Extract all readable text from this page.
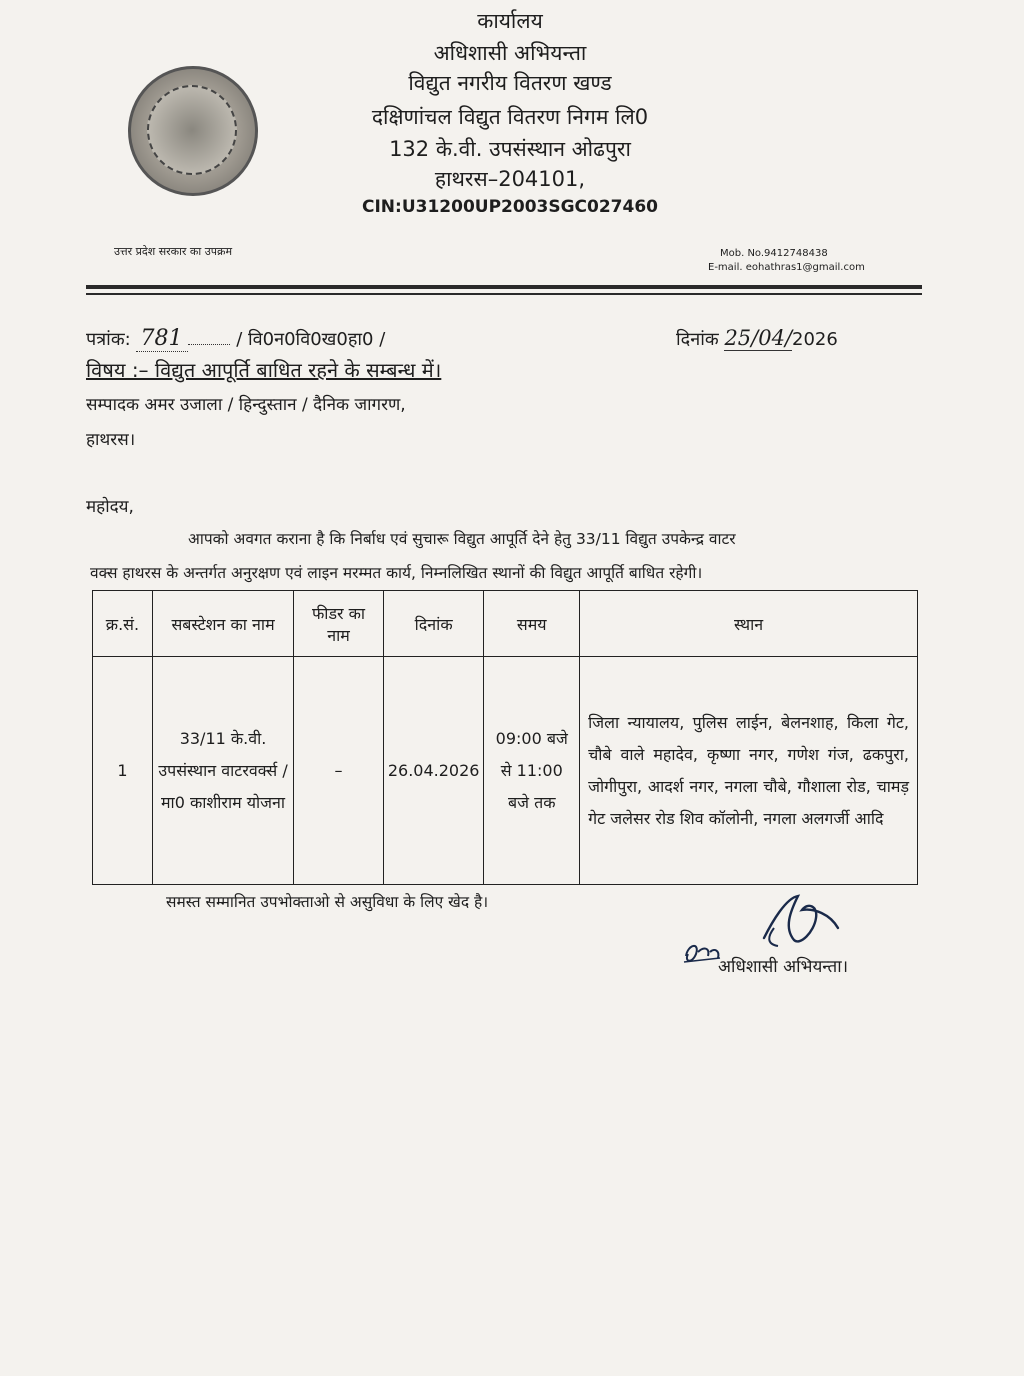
कार्यालय
अधिशासी अभियन्ता
विद्युत नगरीय वितरण खण्ड
दक्षिणांचल विद्युत वितरण निगम लि0
132 के.वी. उपसंस्थान ओढपुरा
हाथरस–204101,
CIN:U31200UP2003SGC027460
उत्तर प्रदेश सरकार का उपक्रम	Mob. No.9412748438
E-mail. eohathras1@gmail.com
पत्रांक: 781	/ वि0न0वि0ख0हा0 /	दिनांक 25/04/2026
विषय :– विद्युत आपूर्ति बाधित रहने के सम्बन्ध में।
सम्पादक अमर उजाला / हिन्दुस्तान / दैनिक जागरण,
हाथरस।
महोदय,
आपको अवगत कराना है कि निर्बाध एवं सुचारू विद्युत आपूर्ति देने हेतु 33/11 विद्युत उपकेन्द्र वाटर
वक्स हाथरस के अन्तर्गत अनुरक्षण एवं लाइन मरम्मत कार्य, निम्नलिखित स्थानों की विद्युत आपूर्ति बाधित रहेगी।
क्र.सं.	सबस्टेशन का नाम	फीडर का नाम	दिनांक	समय	स्थान
1	33/11 के.वी. उपसंस्थान वाटरवर्क्स / मा0 काशीराम योजना	–	26.04.2026	09:00 बजे से 11:00 बजे तक	जिला न्यायालय, पुलिस लाईन, बेलनशाह, किला गेट, चौबे वाले महादेव, कृष्णा नगर, गणेश गंज, ढकपुरा, जोगीपुरा, आदर्श नगर, नगला चौबे, गौशाला रोड, चामड़ गेट जलेसर रोड शिव कॉलोनी, नगला अलगर्जी आदि
समस्त सम्मानित उपभोक्ताओ से असुविधा के लिए खेद है।
अधिशासी अभियन्ता।
